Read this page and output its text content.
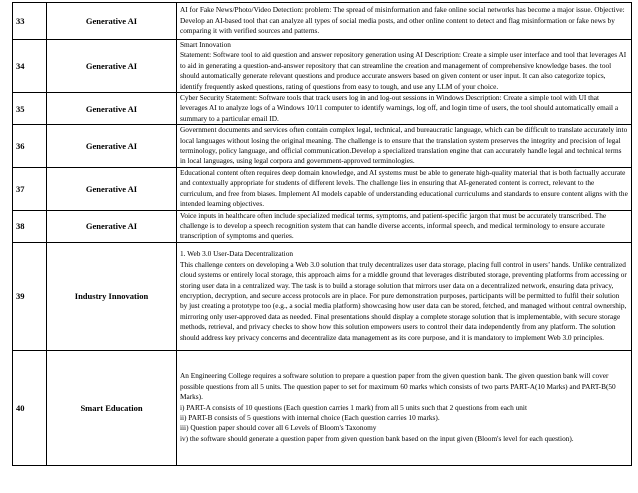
33	Generative AI	AI for Fake News/Photo/Video Detection: problem: The spread of misinformation and fake online social networks has become a major issue. Objective: Develop an AI-based tool that can analyze all types of social media posts, and other online content to detect and flag misinformation or fake news by comparing it with verified sources and patterns.

34	Generative AI	Smart Innovation
Statement: Software tool to aid question and answer repository generation using AI Description: Create a simple user interface and tool that leverages AI to aid in generating a question-and-answer repository that can streamline the creation and management of comprehensive knowledge bases. the tool should automatically generate relevant questions and produce accurate answers based on given content or user input. It can also categorize topics, identify frequently asked questions, rating of questions from easy to tough, and use any LLM of your choice.

35	Generative AI	Cyber Security Statement: Software tools that track users log in and log-out sessions in Windows Description: Create a simple tool with UI that leverages AI to analyze logs of a Windows 10/11 computer to identify warnings, log off, and login time of users, the tool should automatically email a summary to a particular email ID.

36	Generative AI	Government documents and services often contain complex legal, technical, and bureaucratic language, which can be difficult to translate accurately into local languages without losing the original meaning. The challenge is to ensure that the translation system preserves the integrity and precision of legal terminology, policy language, and official communication.Develop a specialized translation engine that can accurately handle legal and technical terms in local languages, using legal corpora and government-approved terminologies.

37	Generative AI	Educational content often requires deep domain knowledge, and AI systems must be able to generate high-quality material that is both factually accurate and contextually appropriate for students of different levels. The challenge lies in ensuring that AI-generated content is correct, relevant to the curriculum, and free from biases. Implement AI models capable of understanding educational curriculums and standards to ensure content aligns with the intended learning objectives.

38	Generative AI	Voice inputs in healthcare often include specialized medical terms, symptoms, and patient-specific jargon that must be accurately transcribed. The challenge is to develop a speech recognition system that can handle diverse accents, informal speech, and medical terminology to ensure accurate transcription of symptoms and queries.

39	Industry Innovation	1. Web 3.0 User-Data Decentralization
This challenge centers on developing a Web 3.0 solution that truly decentralizes user data storage, placing full control in users’ hands. Unlike centralized cloud systems or entirely local storage, this approach aims for a middle ground that leverages distributed storage, preventing platforms from accessing or storing user data in a centralized way. The task is to build a storage solution that mirrors user data on a decentralized network, ensuring data privacy, encryption, decryption, and secure access protocols are in place. For pure demonstration purposes, participants will be permitted to fulfil their solution by just creating a prototype too (e.g., a social media platform) showcasing how user data can be stored, fetched, and managed without central ownership, mirroring only user-approved data as needed. Final presentations should display a complete storage solution that is implementable, with secure storage methods, retrieval, and privacy checks to show how this solution empowers users to control their data independently from any platform. The solution should address key privacy concerns and decentralize data management as its core purpose, and it is mandatory to implement Web 3.0 principles.

40	Smart Education	An Engineering College requires a software solution to prepare a question paper from the given question bank. The given question bank will cover possible questions from all 5 units. The question paper to set for maximum 60 marks which consists of two parts PART-A(10 Marks) and PART-B(50 Marks).
i) PART-A consists of 10 questions (Each question carries 1 mark) from all 5 units such that 2 questions from each unit
ii) PART-B consists of 5 questions with internal choice (Each question carries 10 marks).
iii) Question paper should cover all 6 Levels of Bloom's Taxonomy
iv) the software should generate a question paper from given question bank based on the input given (Bloom's level for each question).
